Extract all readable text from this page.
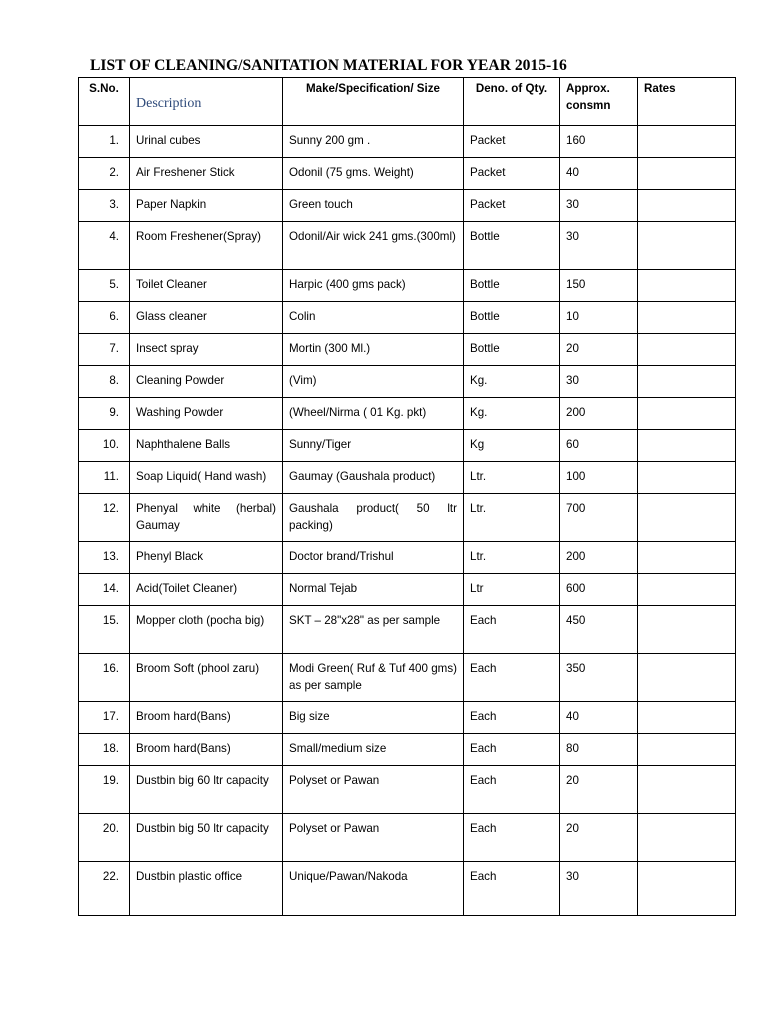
LIST OF CLEANING/SANITATION MATERIAL FOR YEAR 2015-16
S.No.	Description	Make/Specification/ Size	Deno. of Qty.	Approx. consmn	Rates
1.	Urinal cubes	Sunny 200 gm .	Packet	160	
2.	Air Freshener Stick	Odonil (75 gms. Weight)	Packet	40	
3.	Paper Napkin	Green touch	Packet	30	
4.	Room Freshener(Spray)	Odonil/Air wick 241 gms.(300ml)	Bottle	30	
5.	Toilet Cleaner	Harpic (400 gms pack)	Bottle	150	
6.	Glass cleaner	Colin	Bottle	10	
7.	Insect spray	Mortin (300 Ml.)	Bottle	20	
8.	Cleaning Powder	(Vim)	Kg.	30	
9.	Washing Powder	(Wheel/Nirma ( 01 Kg. pkt)	Kg.	200	
10.	Naphthalene Balls	Sunny/Tiger	Kg	60	
11.	Soap Liquid( Hand wash)	Gaumay (Gaushala product)	Ltr.	100	
12.	Phenyal white (herbal) Gaumay	Gaushala product( 50 ltr packing)	Ltr.	700	
13.	Phenyl Black	Doctor brand/Trishul	Ltr.	200	
14.	Acid(Toilet Cleaner)	Normal Tejab	Ltr	600	
15.	Mopper cloth (pocha big)	SKT – 28"x28" as per sample	Each	450	
16.	Broom Soft (phool zaru)	Modi Green( Ruf & Tuf 400 gms) as per sample	Each	350	
17.	Broom hard(Bans)	Big size	Each	40	
18.	Broom hard(Bans)	Small/medium size	Each	80	
19.	Dustbin big 60 ltr capacity	Polyset or Pawan	Each	20	
20.	Dustbin big 50 ltr capacity	Polyset or Pawan	Each	20	
22.	Dustbin plastic office	Unique/Pawan/Nakoda	Each	30	
